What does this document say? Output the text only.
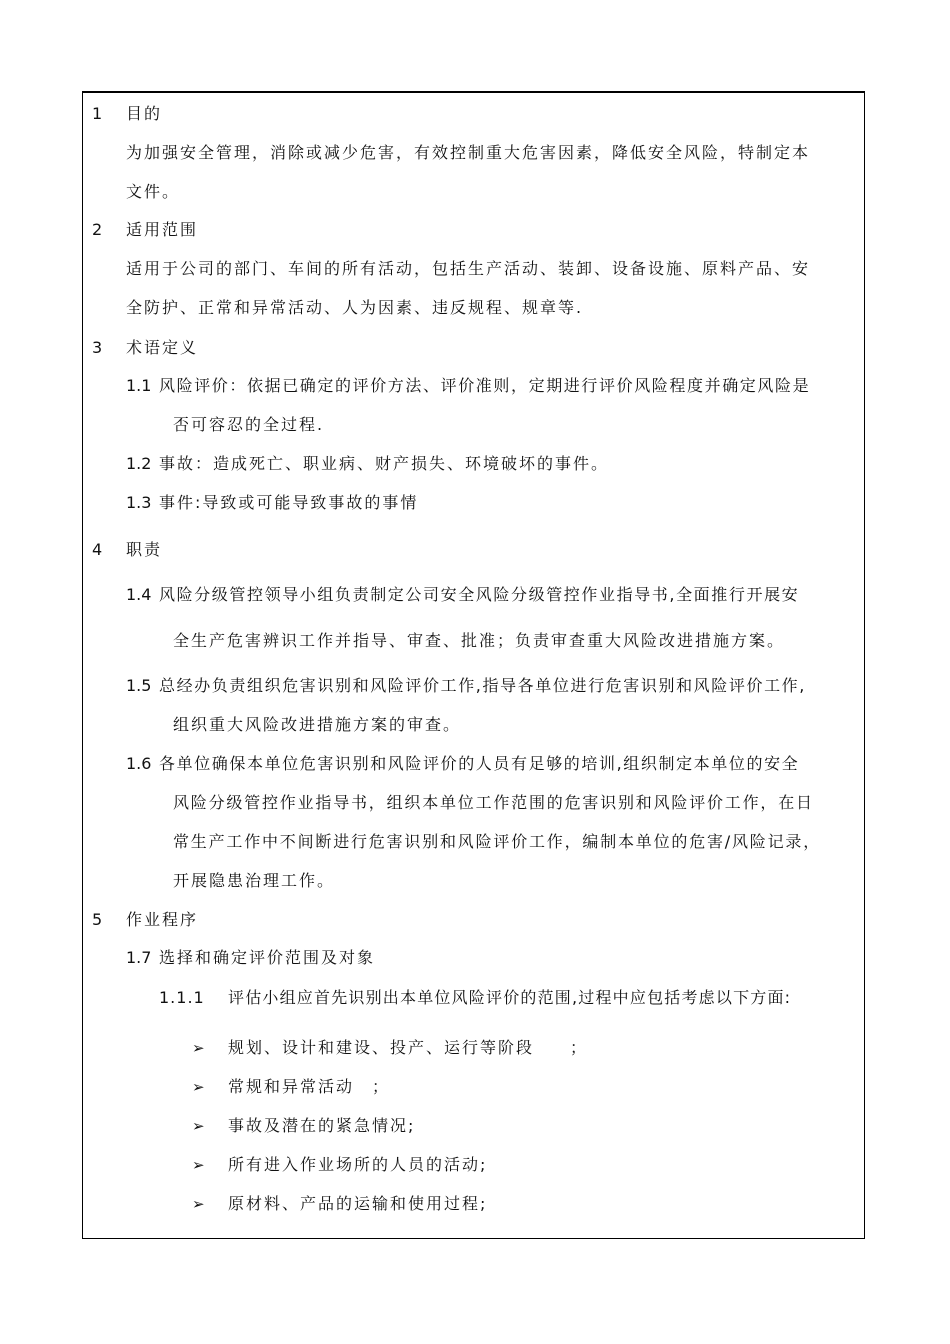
1 目的
为加强安全管理，消除或减少危害，有效控制重大危害因素，降低安全风险，特制定本
文件。
2 适用范围
适用于公司的部门、车间的所有活动，包括生产活动、装卸、设备设施、原料产品、安
全防护、正常和异常活动、人为因素、违反规程、规章等.
3 术语定义
1.1 风险评价：依据已确定的评价方法、评价准则，定期进行评价风险程度并确定风险是
否可容忍的全过程.
1.2 事故：造成死亡、职业病、财产损失、环境破坏的事件。
1.3 事件:导致或可能导致事故的事情
4 职责
1.4 风险分级管控领导小组负责制定公司安全风险分级管控作业指导书,全面推行开展安
全生产危害辨识工作并指导、审查、批准；负责审查重大风险改进措施方案。
1.5 总经办负责组织危害识别和风险评价工作,指导各单位进行危害识别和风险评价工作,
组织重大风险改进措施方案的审查。
1.6 各单位确保本单位危害识别和风险评价的人员有足够的培训,组织制定本单位的安全
风险分级管控作业指导书，组织本单位工作范围的危害识别和风险评价工作，在日
常生产工作中不间断进行危害识别和风险评价工作，编制本单位的危害/风险记录，
开展隐患治理工作。
5 作业程序
1.7 选择和确定评价范围及对象
1.1.1 评估小组应首先识别出本单位风险评价的范围,过程中应包括考虑以下方面:
➢ 规划、设计和建设、投产、运行等阶段　　；
➢ 常规和异常活动　；
➢ 事故及潜在的紧急情况;
➢ 所有进入作业场所的人员的活动;
➢ 原材料、产品的运输和使用过程;
